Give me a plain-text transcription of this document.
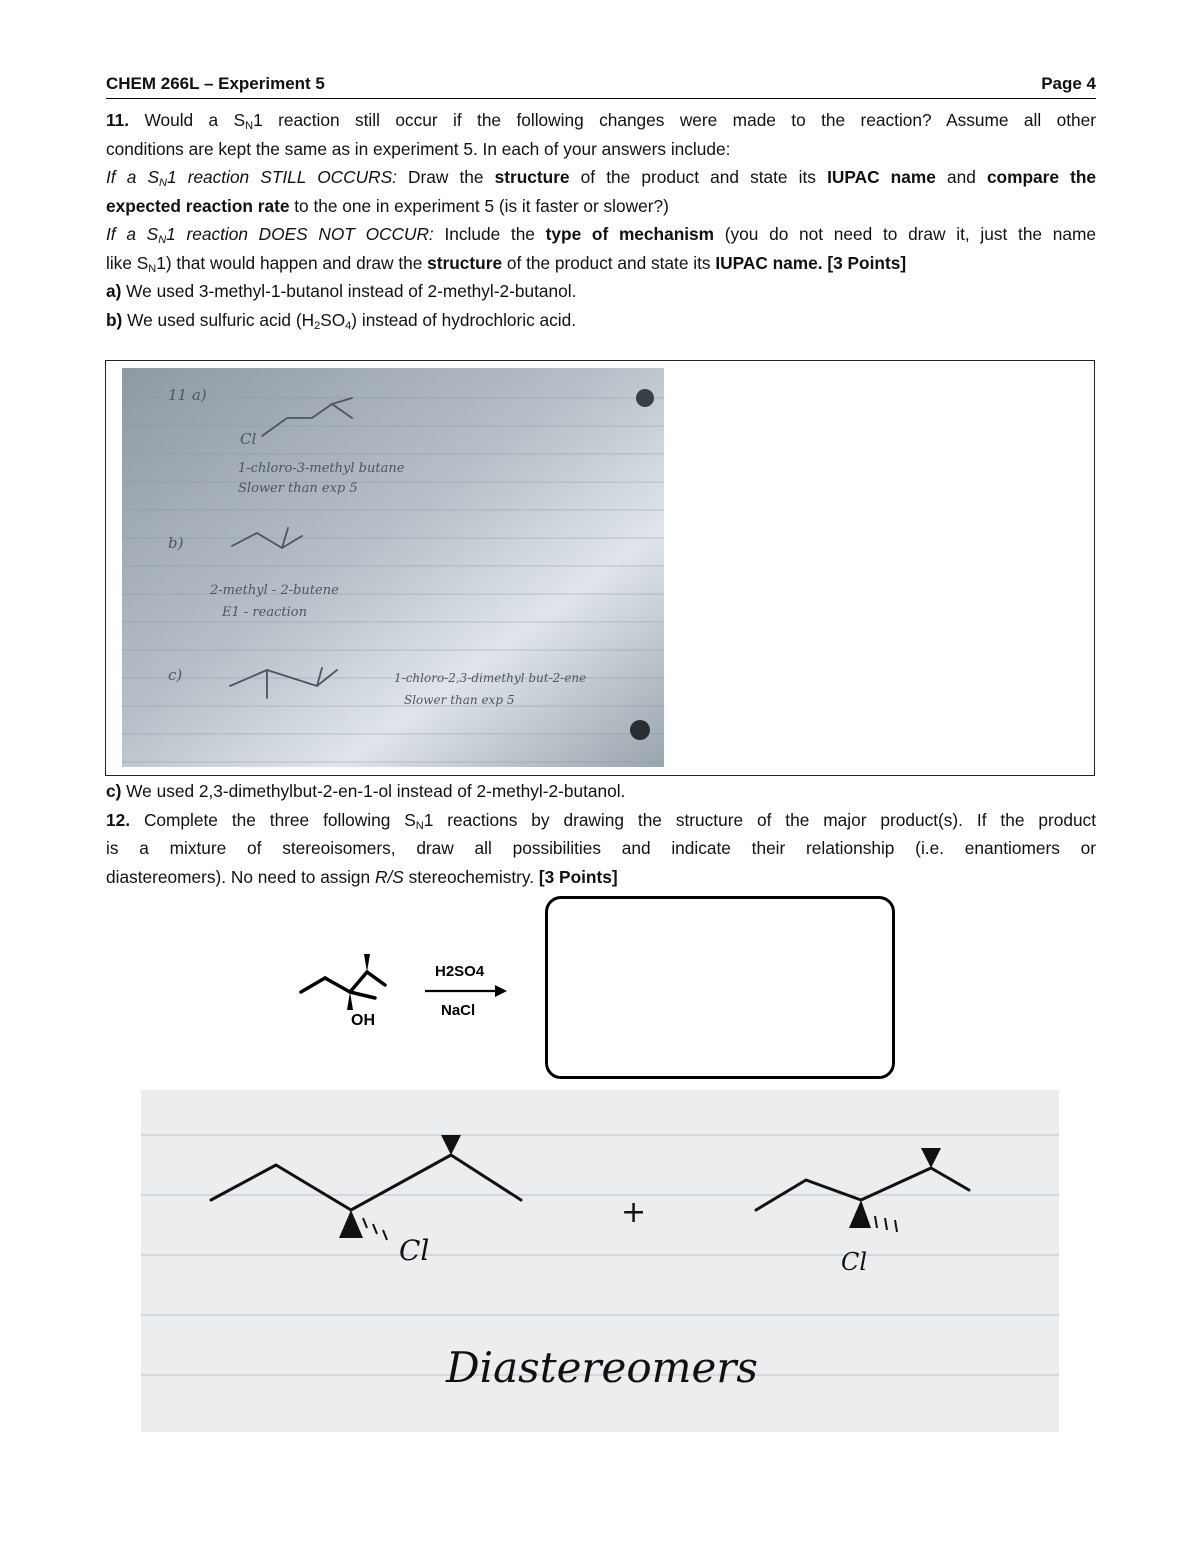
CHEM 266L – Experiment 5	Page 4

11. Would a $S_N1$ reaction still occur if the following changes were made to the reaction? Assume all other

conditions are kept the same as in experiment 5. In each of your answers include:

If a $S_N1$ reaction STILL OCCURS: Draw the structure of the product and state its IUPAC name and compare the

expected reaction rate to the one in experiment 5 (is it faster or slower?)

If a $S_N1$ reaction DOES NOT OCCUR: Include the type of mechanism (you do not need to draw it, just the name

like $S_N1$) that would happen and draw the structure of the product and state its IUPAC name. [3 Points]

a) We used 3-methyl-1-butanol instead of 2-methyl-2-butanol.

b) We used sulfuric acid $(H_2SO_4)$ instead of hydrochloric acid.

11 a)
Cl
1-chloro-3-methyl butane
Slower than exp 5
b)
2-methyl - 2-butene
E1 - reaction
c)	1-chloro-2,3-dimethyl but-2-ene
Slower than exp 5

c) We used 2,3-dimethylbut-2-en-1-ol instead of 2-methyl-2-butanol.

12. Complete the three following $S_N1$ reactions by drawing the structure of the major product(s). If the product

is a mixture of stereoisomers, draw all possibilities and indicate their relationship (i.e. enantiomers or

diastereomers). No need to assign R/S stereochemistry. [3 Points]

OH
H2SO4
NaCl
Cl
+
Cl
Diastereomers
